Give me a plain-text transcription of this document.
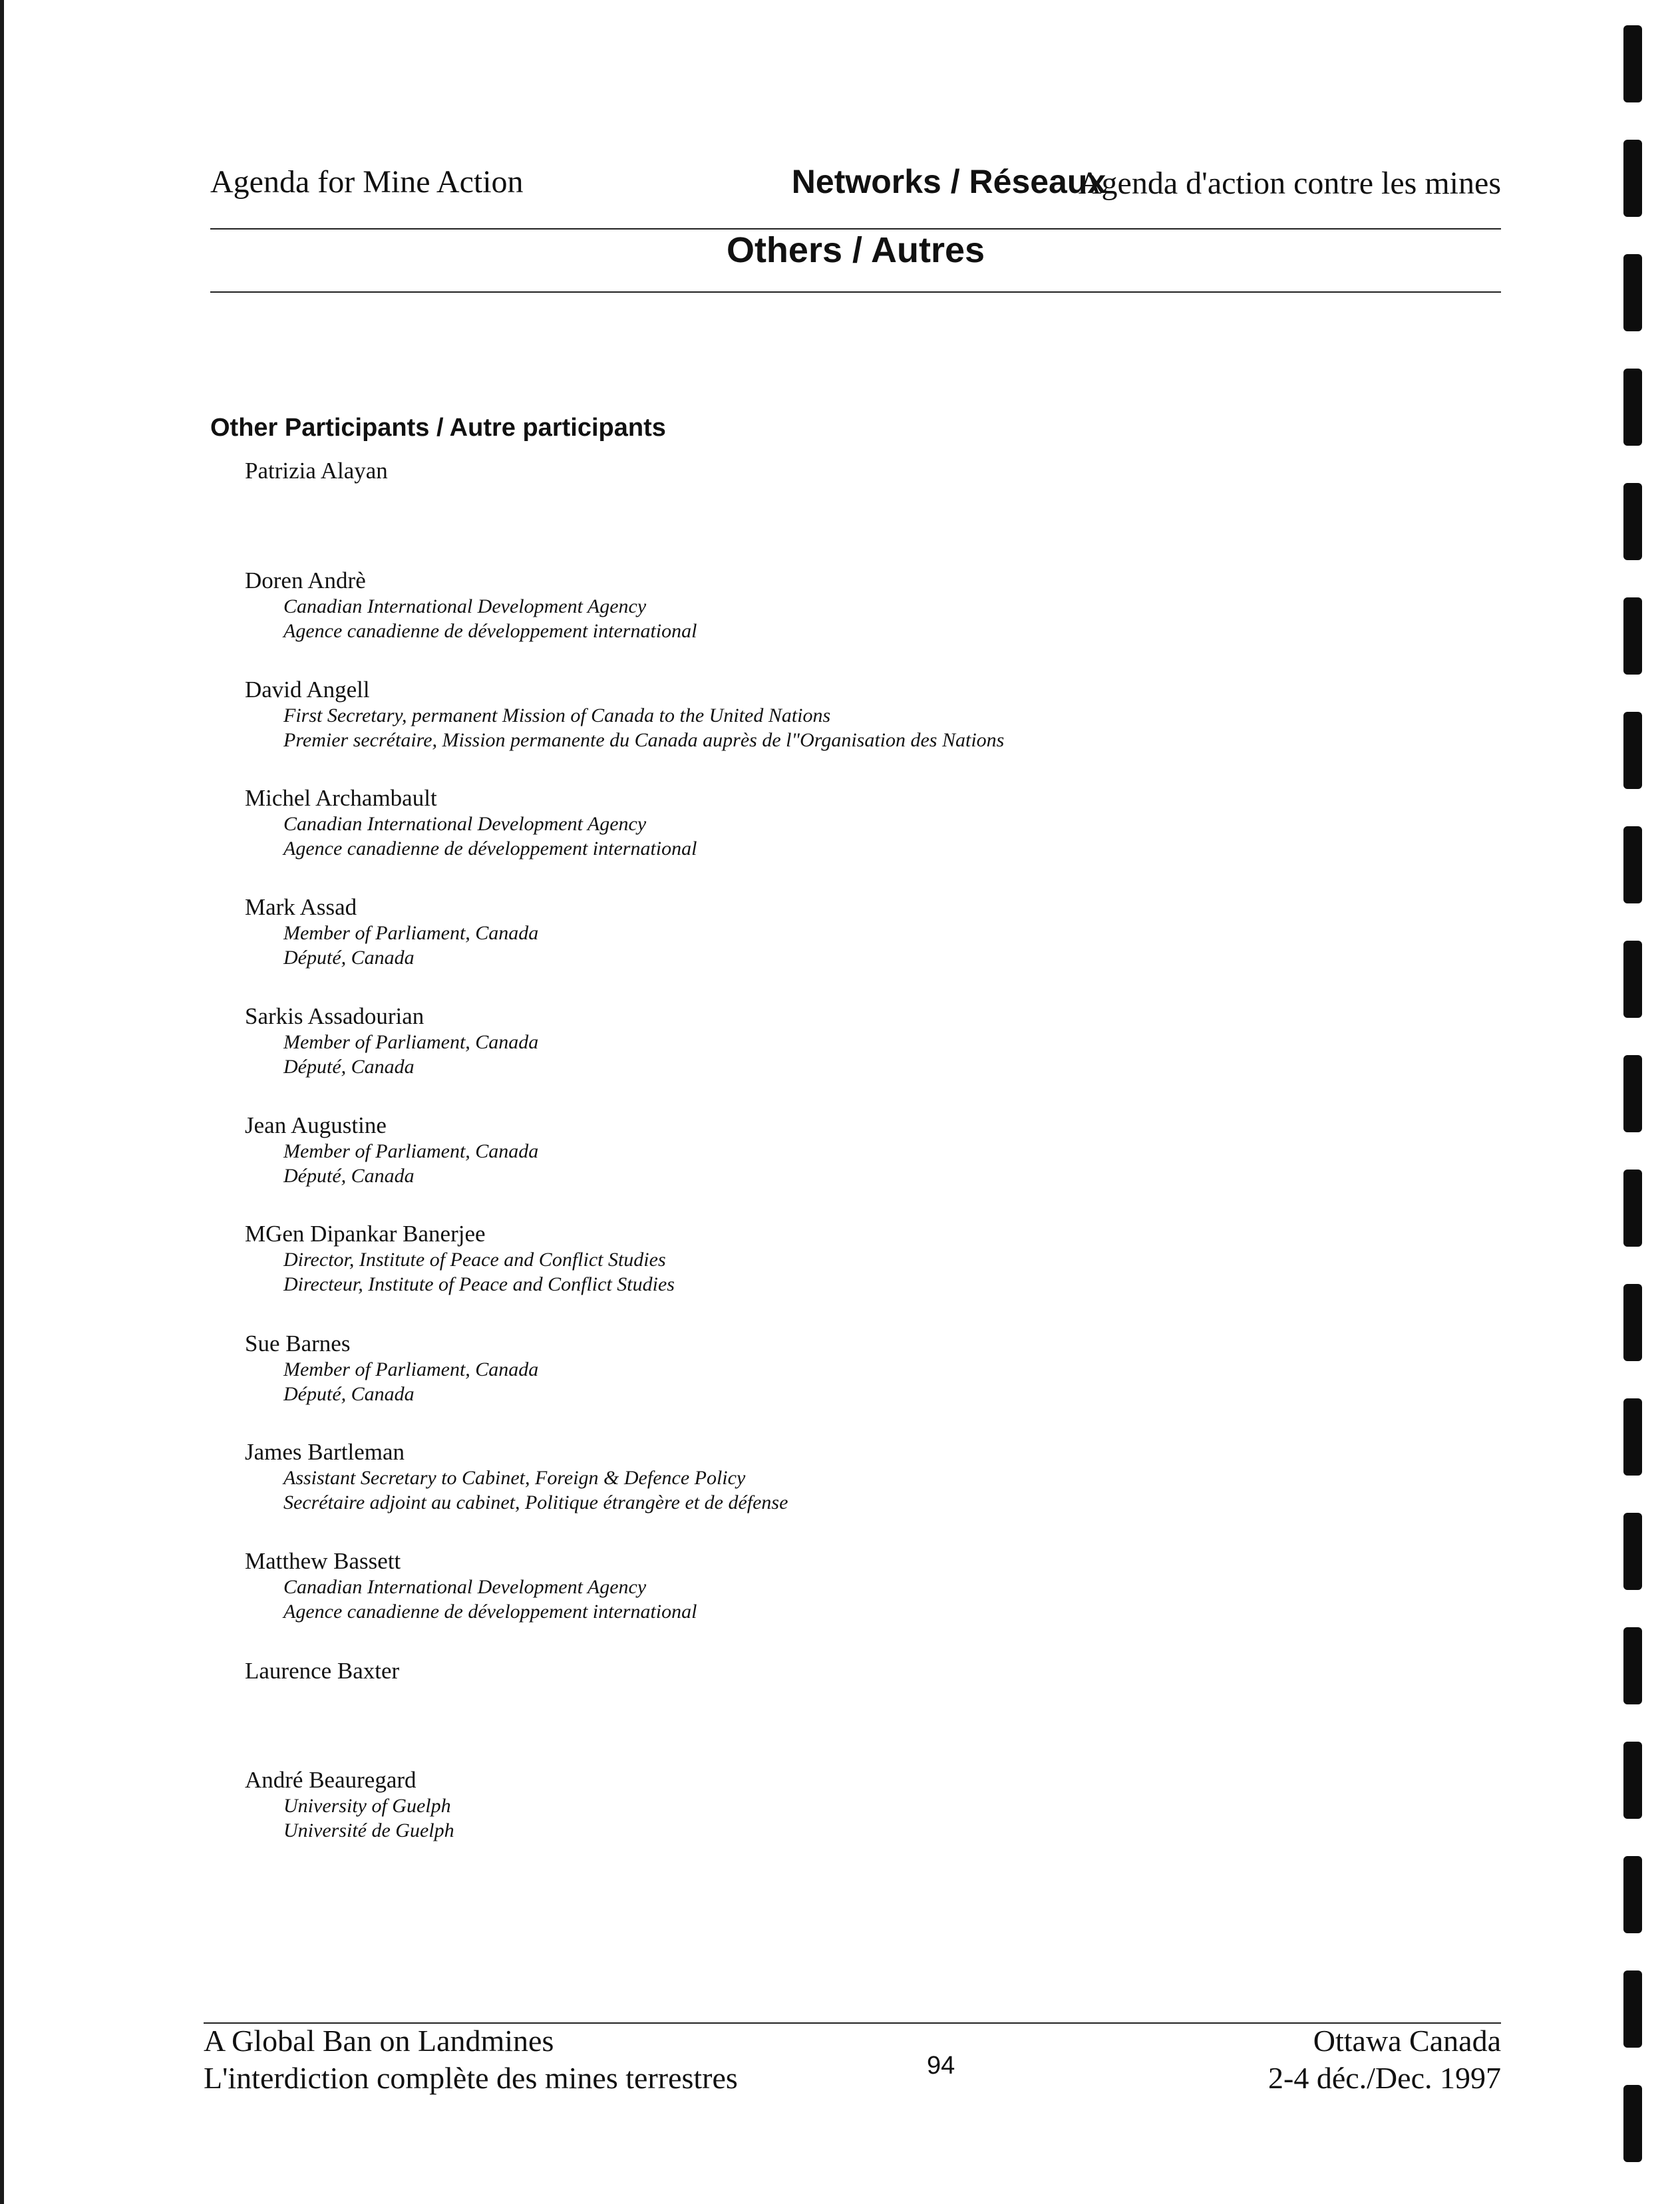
Agenda for Mine Action	Networks / Réseaux
Agenda d'action contre les mines
Others / Autres
Other Participants / Autre participants
Patrizia Alayan
Doren Andrè
Canadian International Development Agency
Agence canadienne de développement international
David Angell
First Secretary, permanent Mission of Canada to the United Nations
Premier secrétaire, Mission permanente du Canada auprès de l"Organisation des Nations
Michel Archambault
Canadian International Development Agency
Agence canadienne de développement international
Mark Assad
Member of Parliament, Canada
Député, Canada
Sarkis Assadourian
Member of Parliament, Canada
Député, Canada
Jean Augustine
Member of Parliament, Canada
Député, Canada
MGen Dipankar Banerjee
Director, Institute of Peace and Conflict Studies
Directeur, Institute of Peace and Conflict Studies
Sue Barnes
Member of Parliament, Canada
Député, Canada
James Bartleman
Assistant Secretary to Cabinet, Foreign & Defence Policy
Secrétaire adjoint au cabinet, Politique étrangère et de défense
Matthew Bassett
Canadian International Development Agency
Agence canadienne de développement international
Laurence Baxter
André Beauregard
University of Guelph
Université de Guelph
A Global Ban on Landmines
L'interdiction complète des mines terrestres	94
Ottawa Canada
2-4 déc./Dec. 1997
